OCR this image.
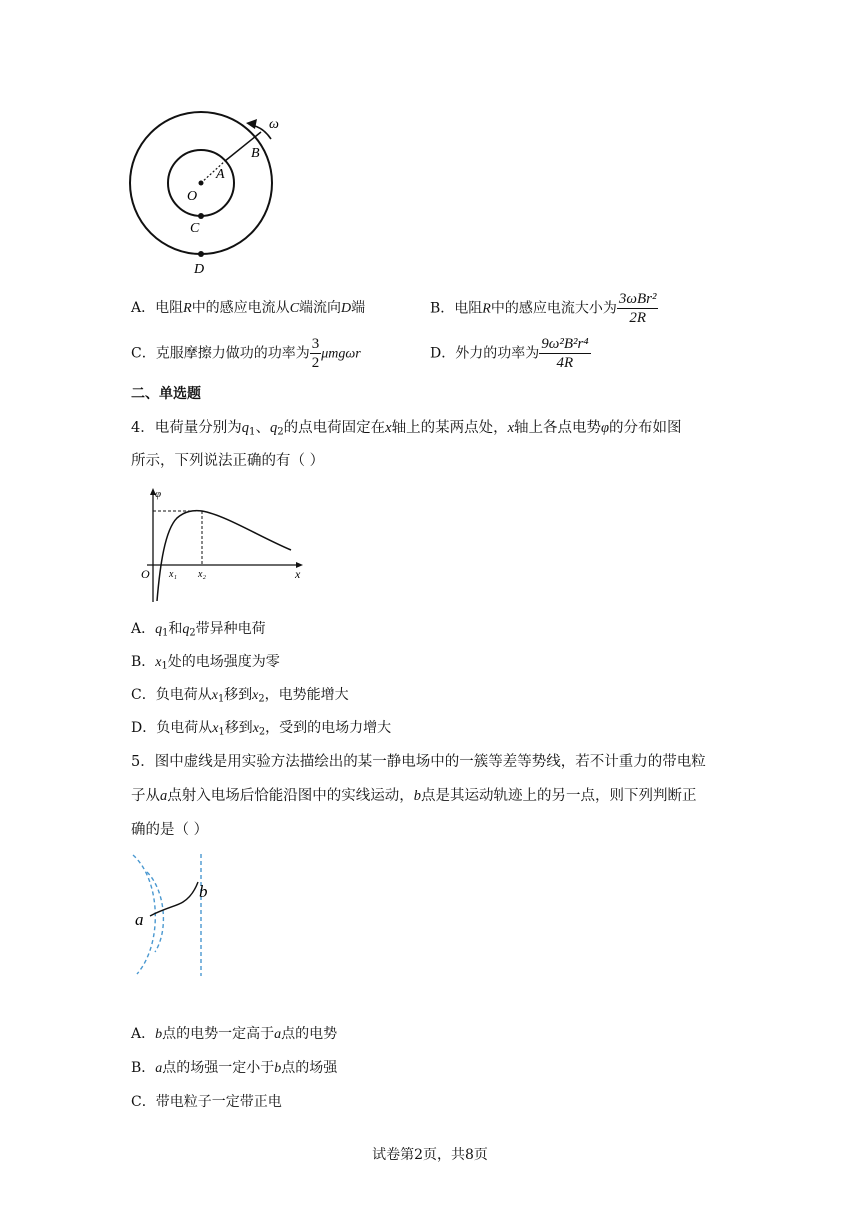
ω
B
A
O
C
D
A．电阻R中的感应电流从C端流向D端	B．电阻R中的感应电流大小为 $\frac{\text{3ωBr²}}{2R}$
C．克服摩擦力做功的功率为 $\frac{3}{2}$ μmgωr	D．外力的功率为 $\frac{\text{9ω²B²r⁴}}{4R}$
二、单选题
4．电荷量分别为$q_1$、$q_2$的点电荷固定在x轴上的某两点处，x轴上各点电势φ的分布如图
所示，下列说法正确的有（ ）
φ
O x₁ x₂	x
A．$q_1$和$q_2$带异种电荷
B．$x_1$处的电场强度为零
C．负电荷从$x_1$移到$x_2$，电势能增大
D．负电荷从$x_1$移到$x_2$，受到的电场力增大
5．图中虚线是用实验方法描绘出的某一静电场中的一簇等差等势线，若不计重力的带电粒
子从a点射入电场后恰能沿图中的实线运动，b点是其运动轨迹上的另一点，则下列判断正
确的是（ ）
a
b
A．b点的电势一定高于a点的电势
B．a点的场强一定小于b点的场强
C．带电粒子一定带正电
试卷第2页，共8页
